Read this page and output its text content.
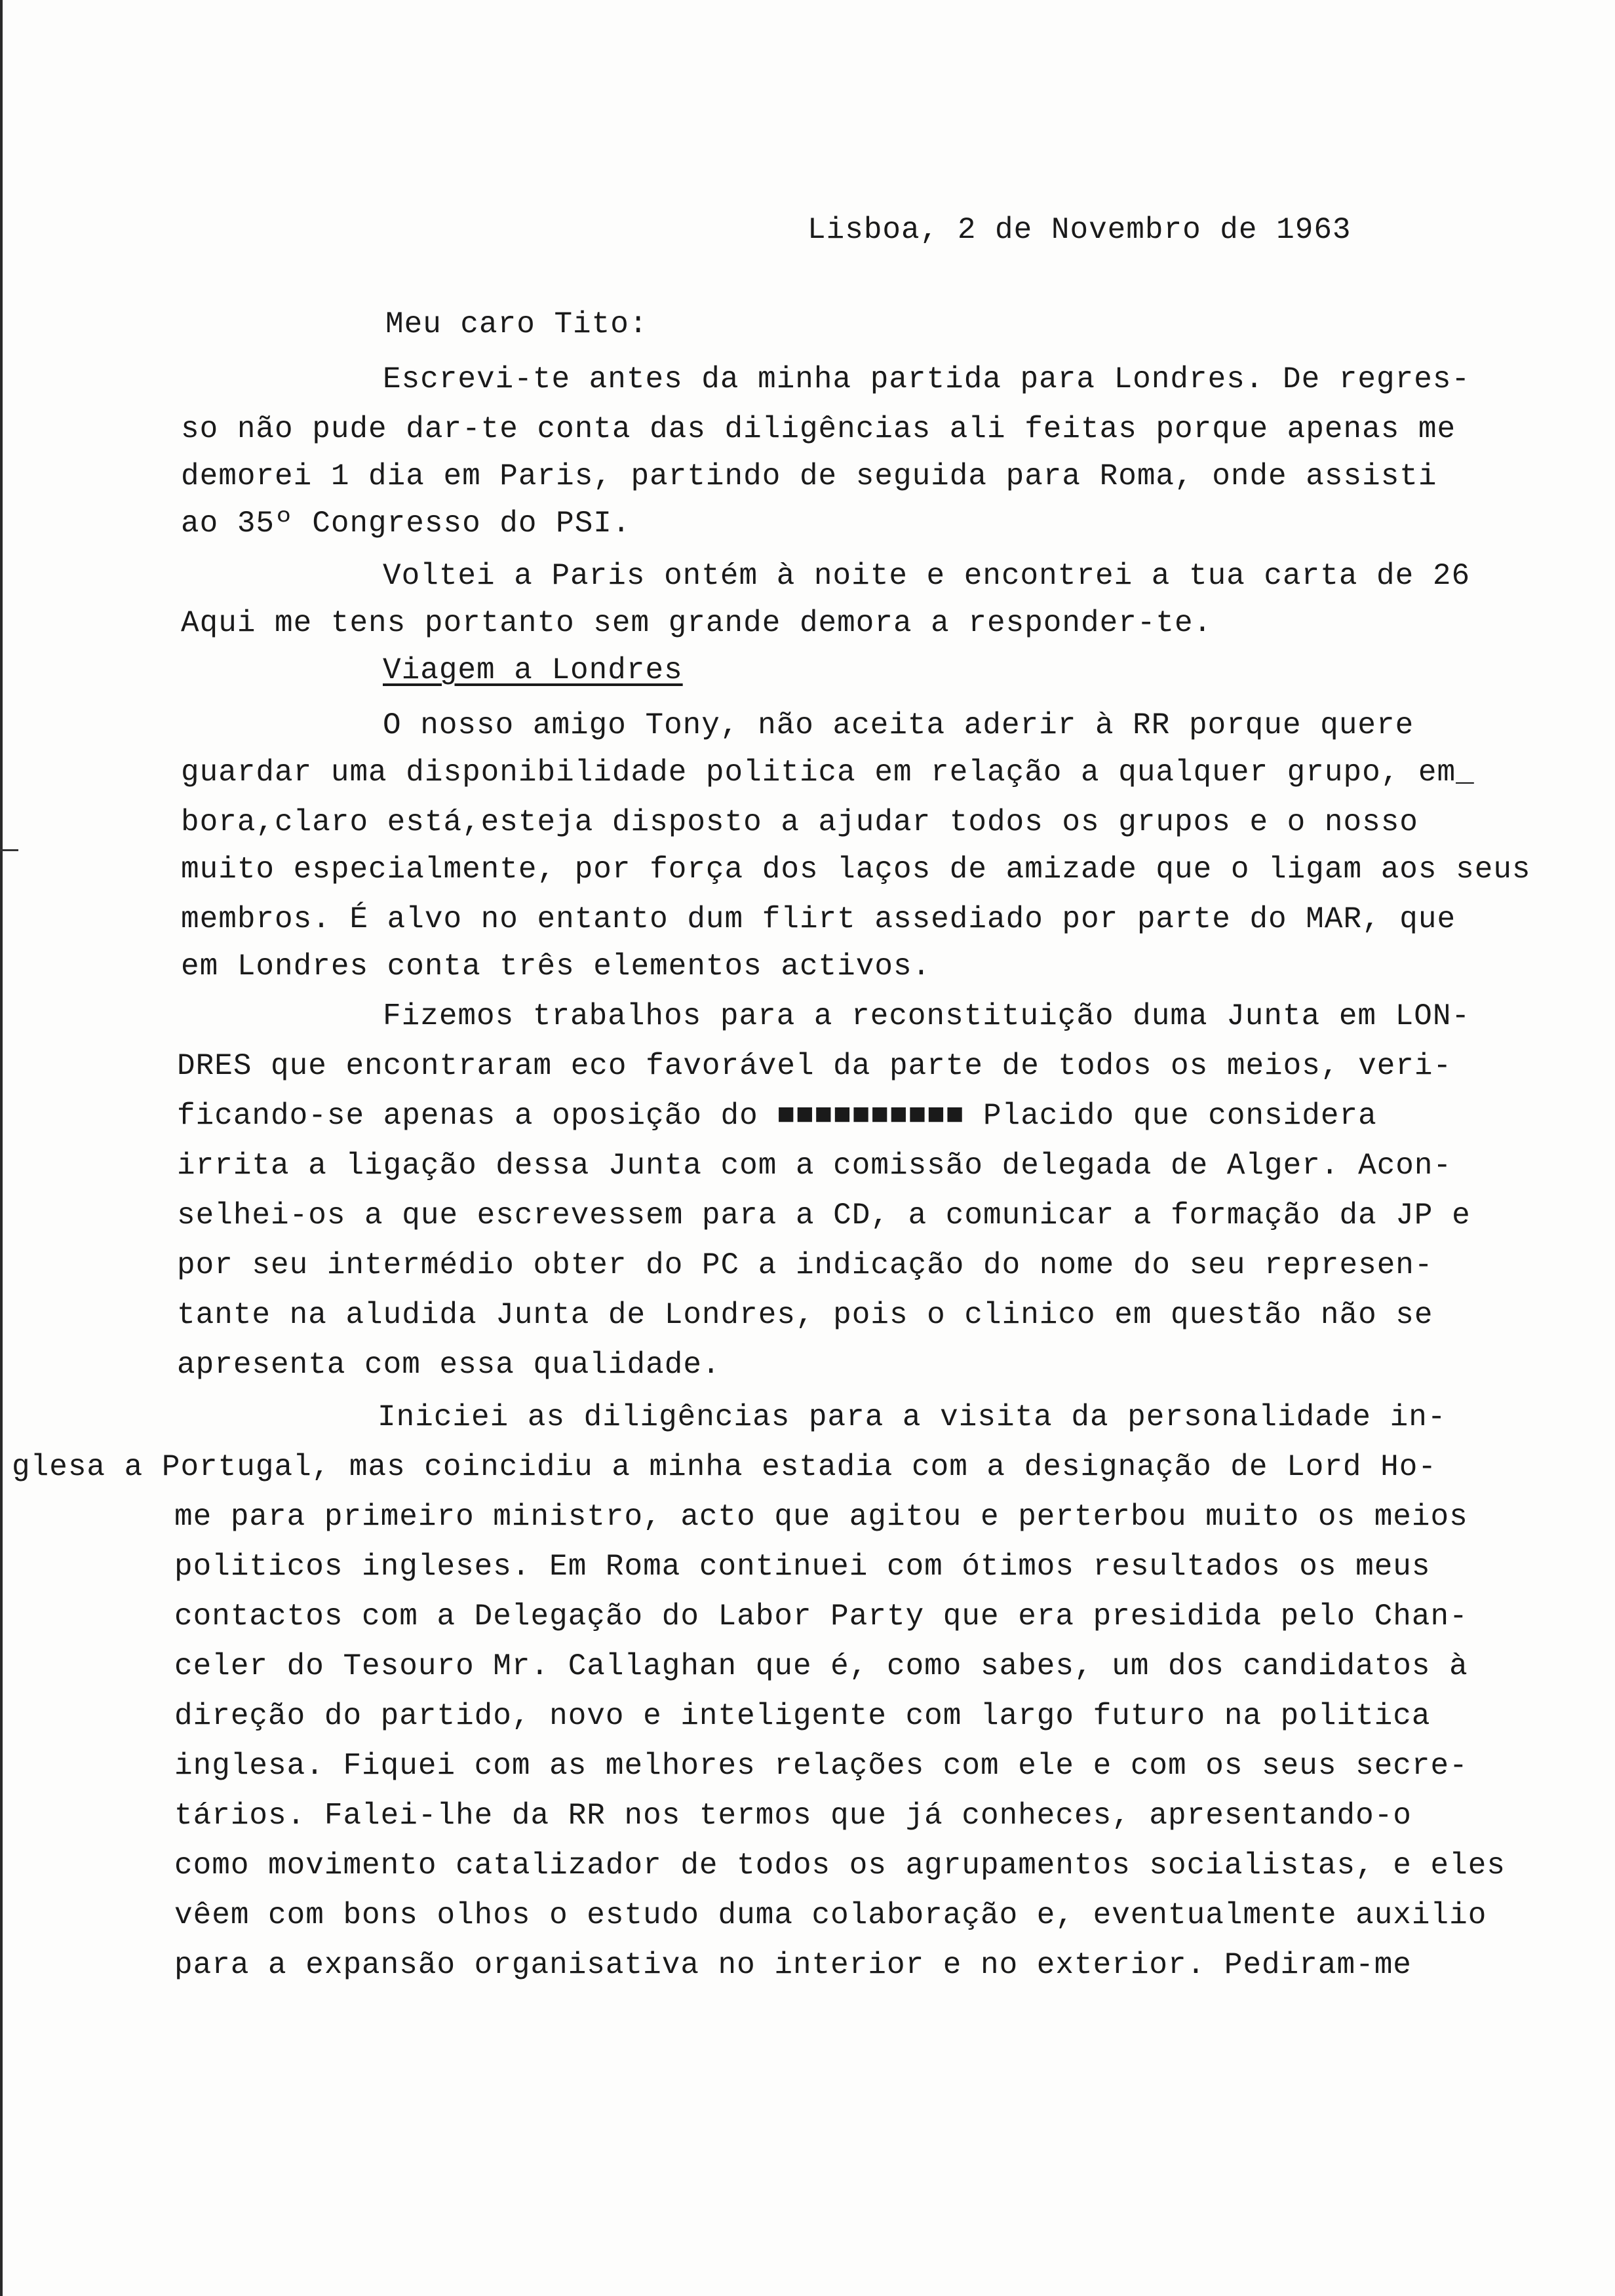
Lisboa, 2 de Novembro de 1963
Meu caro Tito:
Escrevi-te antes da minha partida para Londres. De regres-
so não pude dar-te conta das diligências ali feitas porque apenas me
demorei 1 dia em Paris, partindo de seguida para Roma, onde assisti
ao 35º Congresso do PSI.
Voltei a Paris ontém à noite e encontrei a tua carta de 26
Aqui me tens portanto sem grande demora a responder-te.
Viagem a Londres
O nosso amigo Tony, não aceita aderir à RR porque quere
guardar uma disponibilidade politica em relação a qualquer grupo, em_
bora,claro está,esteja disposto a ajudar todos os grupos e o nosso
muito especialmente, por força dos laços de amizade que o ligam aos seus
membros. É alvo no entanto dum flirt assediado por parte do MAR, que
em Londres conta três elementos activos.
Fizemos trabalhos para a reconstituição duma Junta em LON-
DRES que encontraram eco favorável da parte de todos os meios, veri-
ficando-se apenas a oposição do ■■■■■■■■■■ Placido que considera
irrita a ligação dessa Junta com a comissão delegada de Alger. Acon-
selhei-os a que escrevessem para a CD, a comunicar a formação da JP e
por seu intermédio obter do PC a indicação do nome do seu represen-
tante na aludida Junta de Londres, pois o clinico em questão não se
apresenta com essa qualidade.
Iniciei as diligências para a visita da personalidade in-
glesa a Portugal, mas coincidiu a minha estadia com a designação de Lord Ho-
me para primeiro ministro, acto que agitou e perterbou muito os meios
politicos ingleses. Em Roma continuei com ótimos resultados os meus
contactos com a Delegação do Labor Party que era presidida pelo Chan-
celer do Tesouro Mr. Callaghan que é, como sabes, um dos candidatos à
direção do partido, novo e inteligente com largo futuro na politica
inglesa. Fiquei com as melhores relações com ele e com os seus secre-
tários. Falei-lhe da RR nos termos que já conheces, apresentando-o
como movimento catalizador de todos os agrupamentos socialistas, e eles
vêem com bons olhos o estudo duma colaboração e, eventualmente auxilio
para a expansão organisativa no interior e no exterior. Pediram-me
